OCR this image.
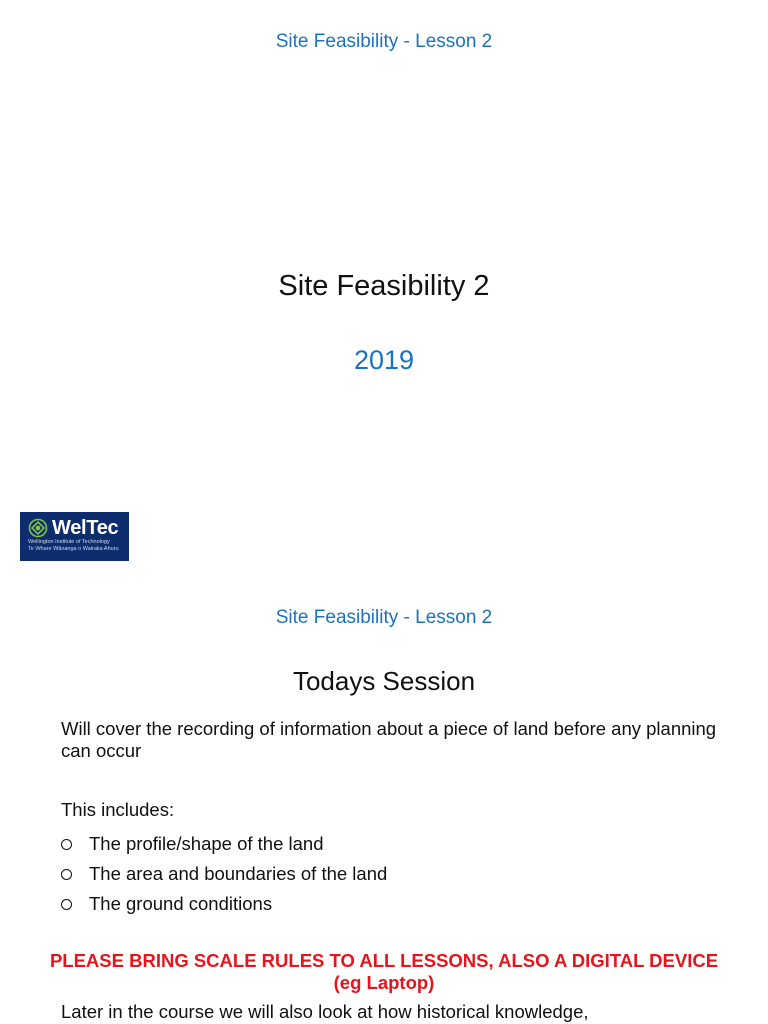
Site Feasibility - Lesson 2
Site Feasibility 2
2019
WelTec
Wellington Institute of Technology
Te Whare Wānanga o Wairaka Ahuru
Site Feasibility - Lesson 2
Todays Session
Will cover the recording of information about a piece of land before any planning can occur
This includes:
The profile/shape of the land
The area and boundaries of the land
The ground conditions
PLEASE BRING SCALE RULES TO ALL LESSONS, ALSO A DIGITAL DEVICE (eg Laptop)
Later in the course we will also look at how historical knowledge,
